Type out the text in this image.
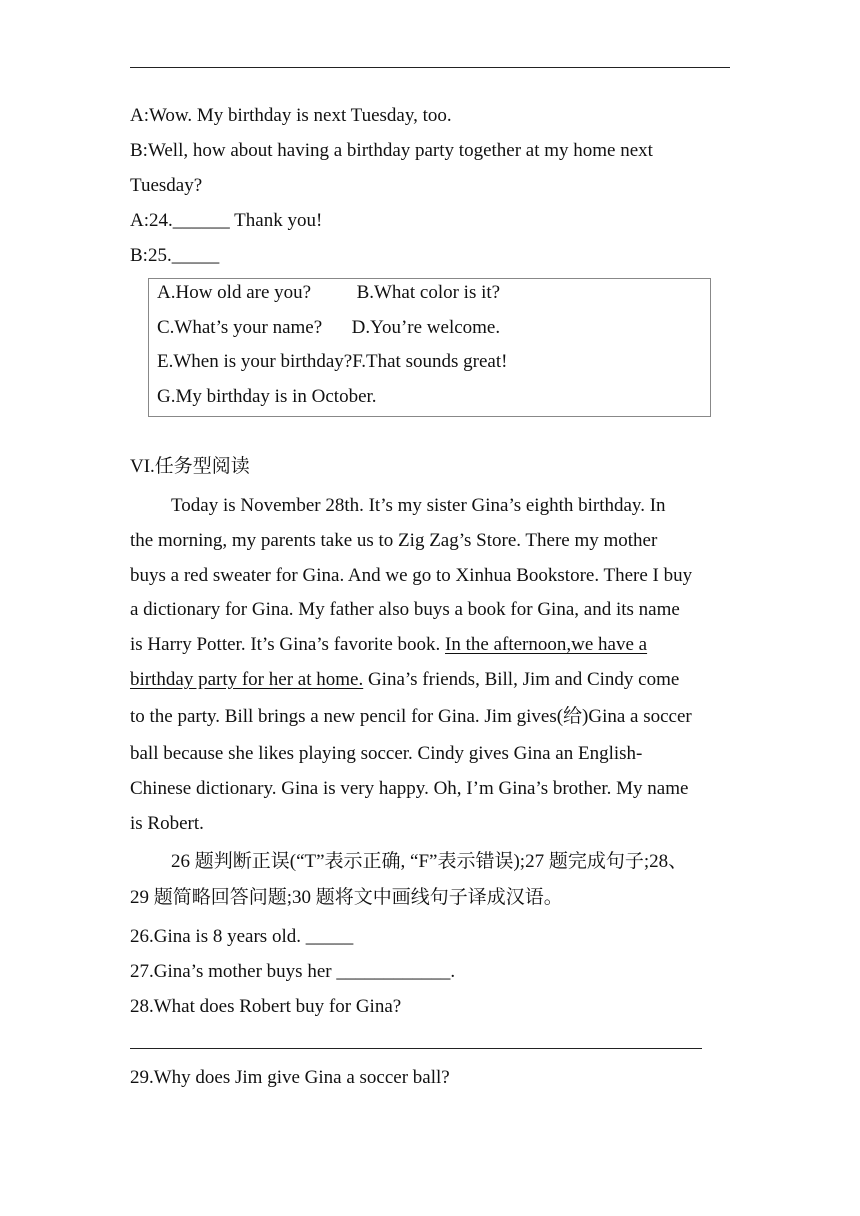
A:Wow. My birthday is next Tuesday, too.
B:Well, how about having a birthday party together at my home next
Tuesday?
A:24.______ Thank you!
B:25._____
A.How old are you? B.What color is it?
C.What’s your name? D.You’re welcome.
E.When is your birthday?F.That sounds great!
G.My birthday is in October.
VI.任务型阅读
Today is November 28th. It’s my sister Gina’s eighth birthday. In
the morning, my parents take us to Zig Zag’s Store. There my mother
buys a red sweater for Gina. And we go to Xinhua Bookstore. There I buy
a dictionary for Gina. My father also buys a book for Gina, and its name
is Harry Potter. It’s Gina’s favorite book. In the afternoon,we have a
birthday party for her at home. Gina’s friends, Bill, Jim and Cindy come
to the party. Bill brings a new pencil for Gina. Jim gives(给)Gina a soccer
ball because she likes playing soccer. Cindy gives Gina an English-
Chinese dictionary. Gina is very happy. Oh, I’m Gina’s brother. My name
is Robert.
26 题判断正误(“T”表示正确, “F”表示错误);27 题完成句子;28、
29 题简略回答问题;30 题将文中画线句子译成汉语。
26.Gina is 8 years old. _____
27.Gina’s mother buys her ____________.
28.What does Robert buy for Gina?
29.Why does Jim give Gina a soccer ball?
